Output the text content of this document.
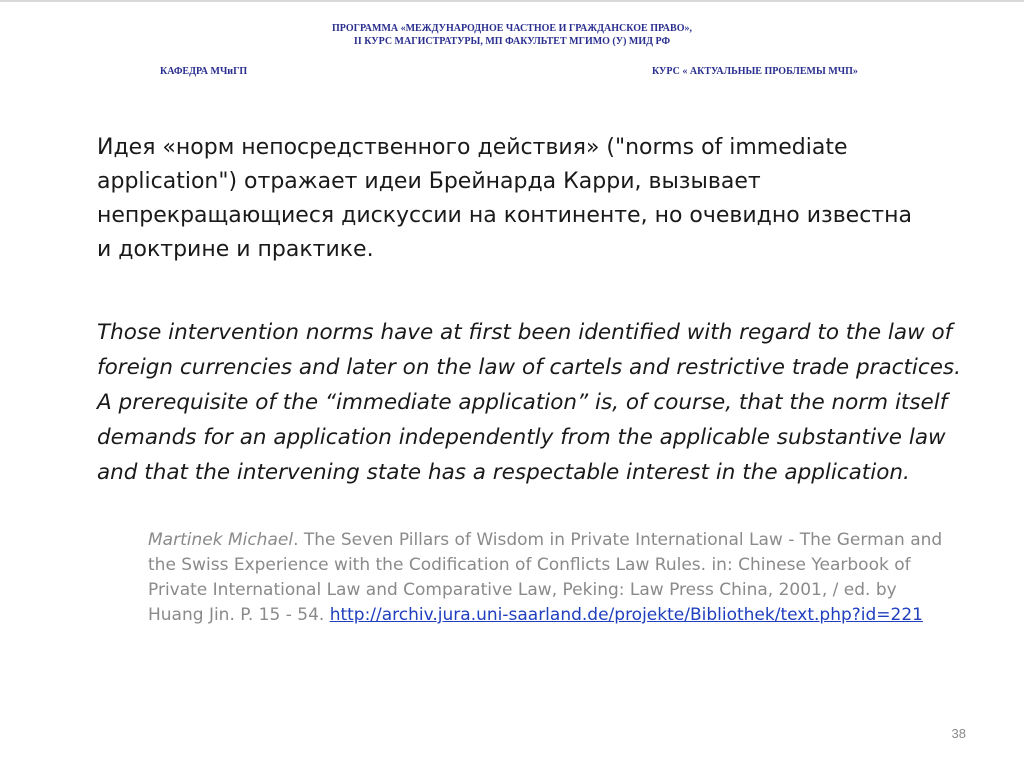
ПРОГРАММА «МЕЖДУНАРОДНОЕ ЧАСТНОЕ И ГРАЖДАНСКОЕ ПРАВО»,
II КУРС МАГИСТРАТУРЫ, МП ФАКУЛЬТЕТ МГИМО (У) МИД РФ
КАФЕДРА МЧиГП	КУРС « АКТУАЛЬНЫЕ ПРОБЛЕМЫ МЧП»
Идея «норм непосредственного действия» ("norms of immediate application") отражает идеи Брейнарда Карри, вызывает непрекращающиеся дискуссии на континенте, но очевидно известна и доктрине и практике.
Those intervention norms have at first been identified with regard to the law of foreign currencies and later on the law of cartels and restrictive trade practices. A prerequisite of the “immediate application” is, of course, that the norm itself demands for an application independently from the applicable substantive law and that the intervening state has a respectable interest in the application.
Martinek Michael. The Seven Pillars of Wisdom in Private International Law - The German and the Swiss Experience with the Codification of Conflicts Law Rules. in: Chinese Yearbook of Private International Law and Comparative Law, Peking: Law Press China, 2001, / ed. by Huang Jin. P. 15 - 54. http://archiv.jura.uni-saarland.de/projekte/Bibliothek/text.php?id=221
38
